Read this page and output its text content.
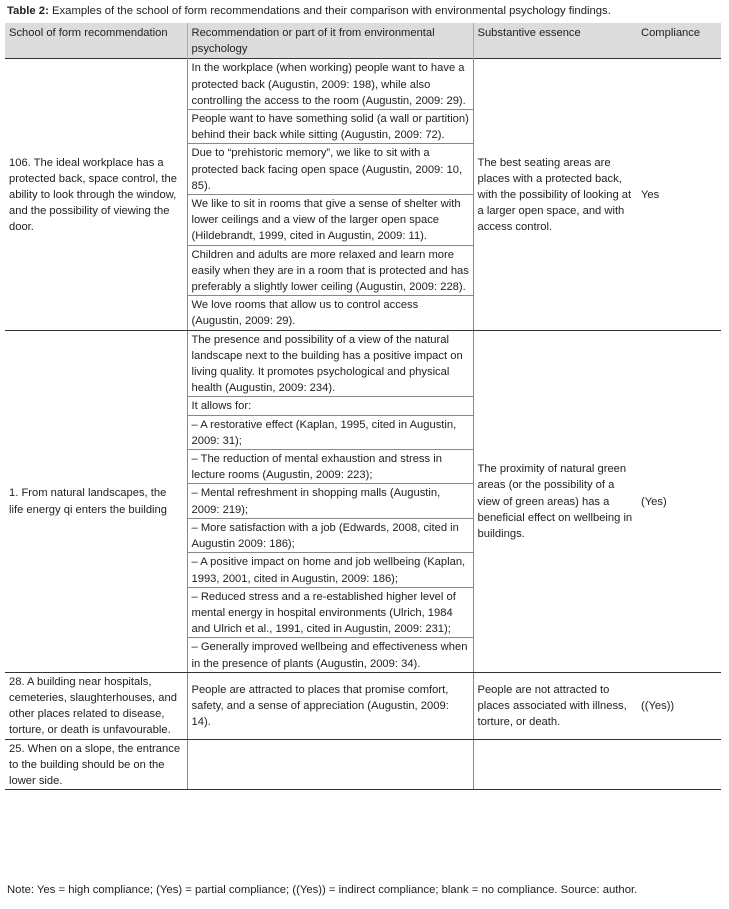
Table 2: Examples of the school of form recommendations and their comparison with environmental psychology findings.
School of form recommendation	Recommendation or part of it from environmental psychology	Substantive essence	Compliance
106. The ideal workplace has a protected back, space control, the ability to look through the window, and the possibility of viewing the door.	In the workplace (when working) people want to have a protected back (Augustin, 2009: 198), while also controlling the access to the room (Augustin, 2009: 29).	The best seating areas are places with a protected back, with the possibility of looking at a larger open space, and with access control.	Yes
	People want to have something solid (a wall or partition) behind their back while sitting (Augustin, 2009: 72).		
	Due to “prehistoric memory”, we like to sit with a protected back facing open space (Augustin, 2009: 10, 85).		
	We like to sit in rooms that give a sense of shelter with lower ceilings and a view of the larger open space (Hildebrandt, 1999, cited in Augustin, 2009: 11).		
	Children and adults are more relaxed and learn more easily when they are in a room that is protected and has preferably a slightly lower ceiling (Augustin, 2009: 228).		
	We love rooms that allow us to control access (Augustin, 2009: 29).		
1. From natural landscapes, the life energy qi enters the building	The presence and possibility of a view of the natural landscape next to the building has a positive impact on living quality. It promotes psychological and physical health (Augustin, 2009: 234).	The proximity of natural green areas (or the possibility of a view of green areas) has a beneficial effect on wellbeing in buildings.	(Yes)
	It allows for:		
	– A restorative effect (Kaplan, 1995, cited in Augustin, 2009: 31);		
	– The reduction of mental exhaustion and stress in lecture rooms (Augustin, 2009: 223);		
	– Mental refreshment in shopping malls (Augustin, 2009: 219);		
	– More satisfaction with a job (Edwards, 2008, cited in Augustin 2009: 186);		
	– A positive impact on home and job wellbeing (Kaplan, 1993, 2001, cited in Augustin, 2009: 186);		
	– Reduced stress and a re-established higher level of mental energy in hospital environments (Ulrich, 1984 and Ulrich et al., 1991, cited in Augustin, 2009: 231);		
	– Generally improved wellbeing and effectiveness when in the presence of plants (Augustin, 2009: 34).		
28. A building near hospitals, cemeteries, slaughterhouses, and other places related to disease, torture, or death is unfavourable.	People are attracted to places that promise comfort, safety, and a sense of appreciation (Augustin, 2009: 14).	People are not attracted to places associated with illness, torture, or death.	((Yes))
25. When on a slope, the entrance to the building should be on the lower side.			
Note: Yes = high compliance; (Yes) = partial compliance; ((Yes)) = indirect compliance; blank = no compliance. Source: author.
